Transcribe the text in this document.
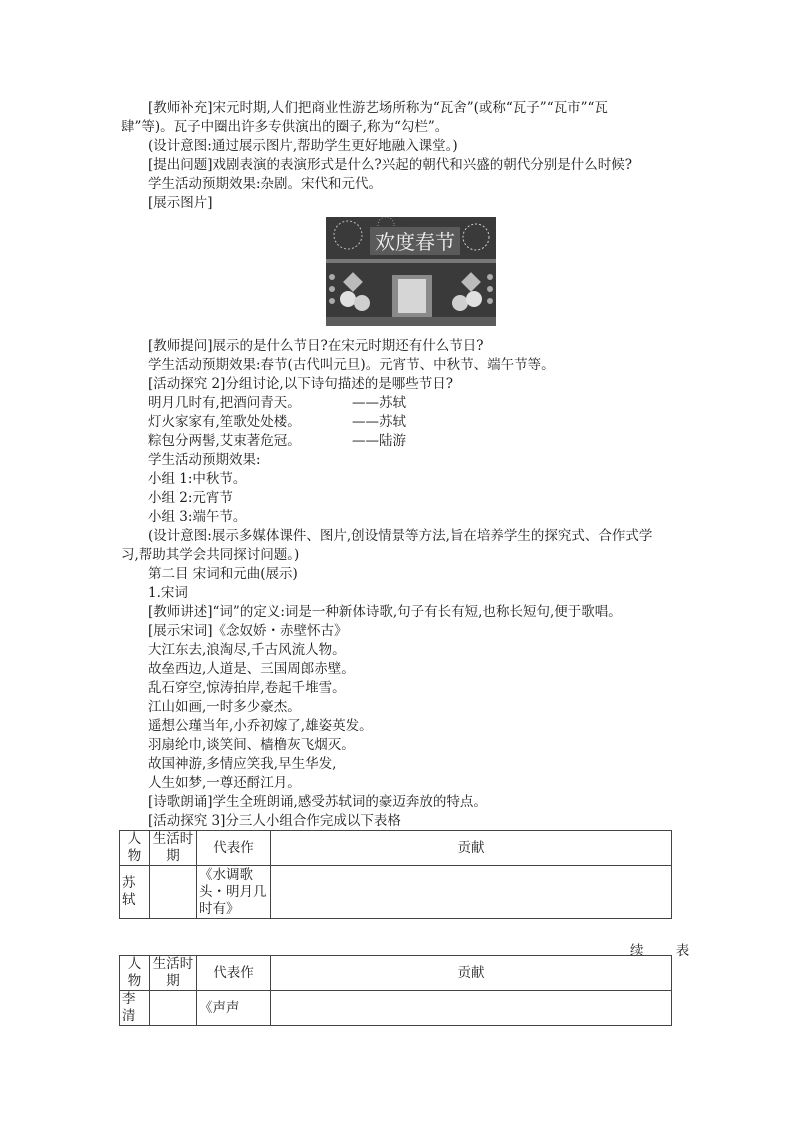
[教师补充]宋元时期,人们把商业性游艺场所称为“瓦舍”(或称“瓦子”“瓦市”“瓦
肆”等)。瓦子中圈出许多专供演出的圈子,称为“勾栏”。
(设计意图:通过展示图片,帮助学生更好地融入课堂。)
[提出问题]戏剧表演的表演形式是什么?兴起的朝代和兴盛的朝代分别是什么时候?
学生活动预期效果:杂剧。宋代和元代。
[展示图片]
欢度春节
[教师提问]展示的是什么节日?在宋元时期还有什么节日?
学生活动预期效果:春节(古代叫元旦)。元宵节、中秋节、端午节等。
[活动探究 2]分组讨论,以下诗句描述的是哪些节日?
明月几时有,把酒问青天。	——苏轼
灯火家家有,笙歌处处楼。	——苏轼
粽包分两髻,艾束著危冠。	——陆游
学生活动预期效果:
小组 1:中秋节。
小组 2:元宵节
小组 3:端午节。
(设计意图:展示多媒体课件、图片,创设情景等方法,旨在培养学生的探究式、合作式学
习,帮助其学会共同探讨问题。)
第二目 宋词和元曲(展示)
1.宋词
[教师讲述]“词”的定义:词是一种新体诗歌,句子有长有短,也称长短句,便于歌唱。
[展示宋词]《念奴娇・赤壁怀古》
大江东去,浪淘尽,千古风流人物。
故垒西边,人道是、三国周郎赤壁。
乱石穿空,惊涛拍岸,卷起千堆雪。
江山如画,一时多少豪杰。
遥想公瑾当年,小乔初嫁了,雄姿英发。
羽扇纶巾,谈笑间、樯橹灰飞烟灭。
故国神游,多情应笑我,早生华发,
人生如梦,一尊还酹江月。
[诗歌朗诵]学生全班朗诵,感受苏轼词的豪迈奔放的特点。
[活动探究 3]分三人小组合作完成以下表格
人物	生活时期	代表作	贡献
苏轼		《水调歌头・明月几时有》	
续 表
人物	生活时期	代表作	贡献
李清		《声声	
